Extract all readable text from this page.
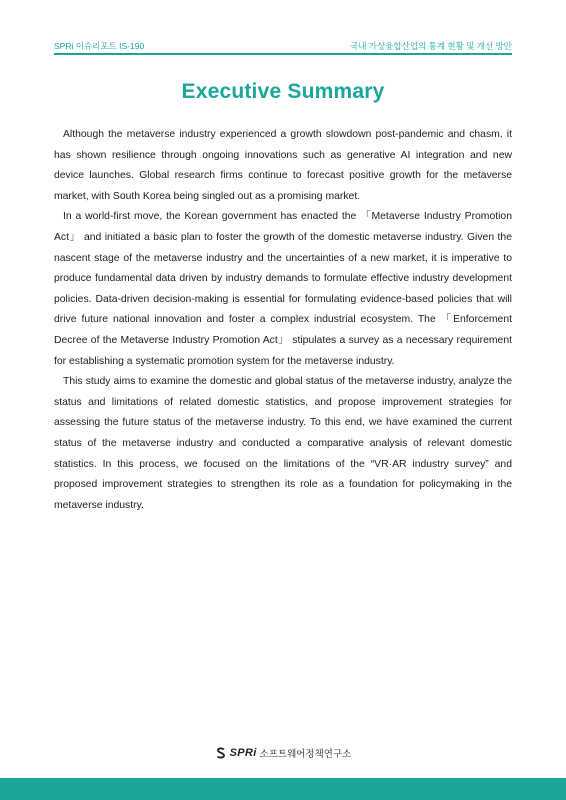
SPRi 이슈리포트 IS-190	국내 가상융합산업의 통계 현황 및 개선 방안
Executive Summary

Although the metaverse industry experienced a growth slowdown post-pandemic and chasm, it has shown resilience through ongoing innovations such as generative AI integration and new device launches. Global research firms continue to forecast positive growth for the metaverse market, with South Korea being singled out as a promising market.

In a world-first move, the Korean government has enacted the 「Metaverse Industry Promotion Act」 and initiated a basic plan to foster the growth of the domestic metaverse industry. Given the nascent stage of the metaverse industry and the uncertainties of a new market, it is imperative to produce fundamental data driven by industry demands to formulate effective industry development policies. Data-driven decision-making is essential for formulating evidence-based policies that will drive future national innovation and foster a complex industrial ecosystem. The 「Enforcement Decree of the Metaverse Industry Promotion Act」 stipulates a survey as a necessary requirement for establishing a systematic promotion system for the metaverse industry.

This study aims to examine the domestic and global status of the metaverse industry, analyze the status and limitations of related domestic statistics, and propose improvement strategies for assessing the future status of the metaverse industry. To this end, we have examined the current status of the metaverse industry and conducted a comparative analysis of relevant domestic statistics. In this process, we focused on the limitations of the “VR·AR industry survey” and proposed improvement strategies to strengthen its role as a foundation for policymaking in the metaverse industry.

SPRi 소프트웨어정책연구소
